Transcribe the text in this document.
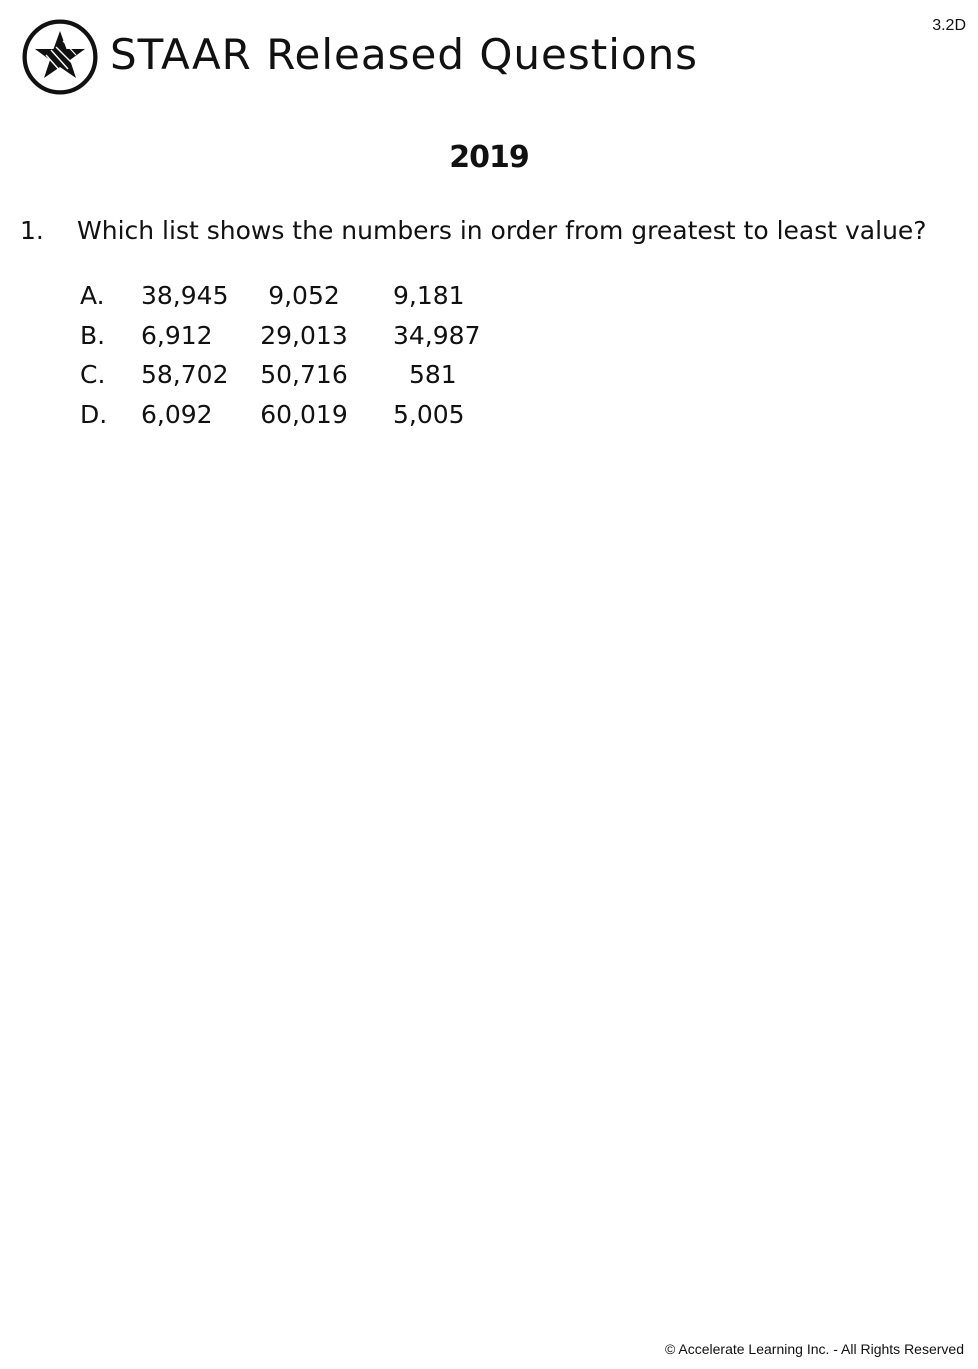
3.2D
STAAR Released Questions
2019
1. Which list shows the numbers in order from greatest to least value?
A. 38,945	9,052	9,181
B. 6,912 29,013 34,987
C. 58,702 50,716	581
D. 6,092 60,019 5,005
© Accelerate Learning Inc. - All Rights Reserved
